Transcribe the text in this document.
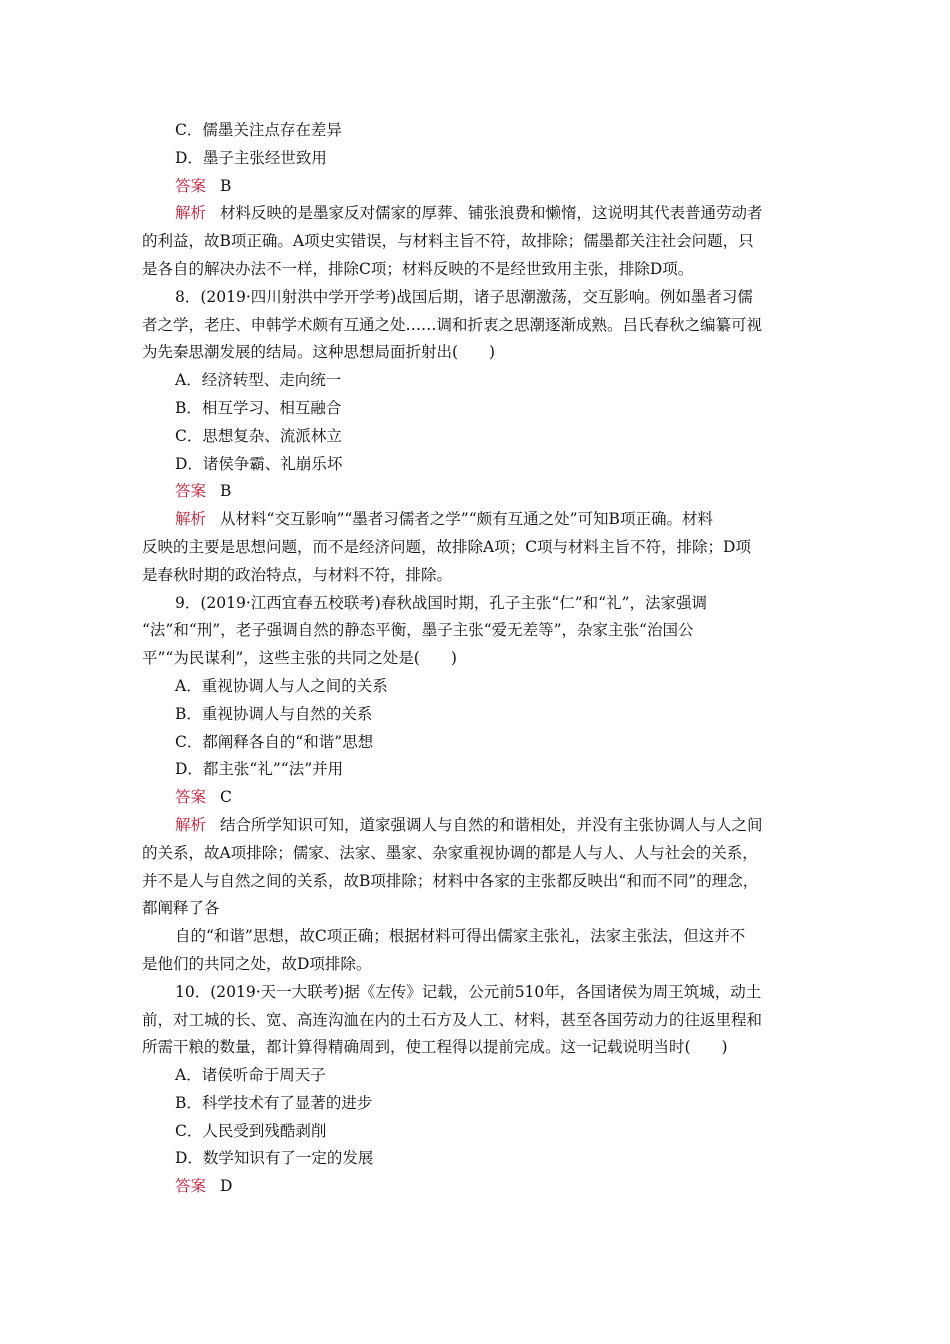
C．儒墨关注点存在差异
D．墨子主张经世致用
答案 B
解析 材料反映的是墨家反对儒家的厚葬、铺张浪费和懒惰，这说明其代表普通劳动者
的利益，故B项正确。A项史实错误，与材料主旨不符，故排除；儒墨都关注社会问题，只
是各自的解决办法不一样，排除C项；材料反映的不是经世致用主张，排除D项。
8．(2019·四川射洪中学开学考)战国后期，诸子思潮激荡，交互影响。例如墨者习儒
者之学，老庄、申韩学术颇有互通之处……调和折衷之思潮逐渐成熟。吕氏春秋之编纂可视
为先秦思潮发展的结局。这种思想局面折射出(　　)
A．经济转型、走向统一
B．相互学习、相互融合
C．思想复杂、流派林立
D．诸侯争霸、礼崩乐坏
答案 B
解析 从材料“交互影响”“墨者习儒者之学”“颇有互通之处”可知B项正确。材料
反映的主要是思想问题，而不是经济问题，故排除A项；C项与材料主旨不符，排除；D项
是春秋时期的政治特点，与材料不符，排除。
9．(2019·江西宜春五校联考)春秋战国时期，孔子主张“仁”和“礼”，法家强调
“法”和“刑”，老子强调自然的静态平衡，墨子主张“爱无差等”，杂家主张“治国公
平”“为民谋利”，这些主张的共同之处是(　　)
A．重视协调人与人之间的关系
B．重视协调人与自然的关系
C．都阐释各自的“和谐”思想
D．都主张“礼”“法”并用
答案 C
解析 结合所学知识可知，道家强调人与自然的和谐相处，并没有主张协调人与人之间
的关系，故A项排除；儒家、法家、墨家、杂家重视协调的都是人与人、人与社会的关系，
并不是人与自然之间的关系，故B项排除；材料中各家的主张都反映出“和而不同”的理念，
都阐释了各
自的“和谐”思想，故C项正确；根据材料可得出儒家主张礼，法家主张法，但这并不
是他们的共同之处，故D项排除。
10．(2019·天一大联考)据《左传》记载，公元前510年，各国诸侯为周王筑城，动土
前，对工城的长、宽、高连沟洫在内的土石方及人工、材料，甚至各国劳动力的往返里程和
所需干粮的数量，都计算得精确周到，使工程得以提前完成。这一记载说明当时(　　)
A．诸侯听命于周天子
B．科学技术有了显著的进步
C．人民受到残酷剥削
D．数学知识有了一定的发展
答案 D
